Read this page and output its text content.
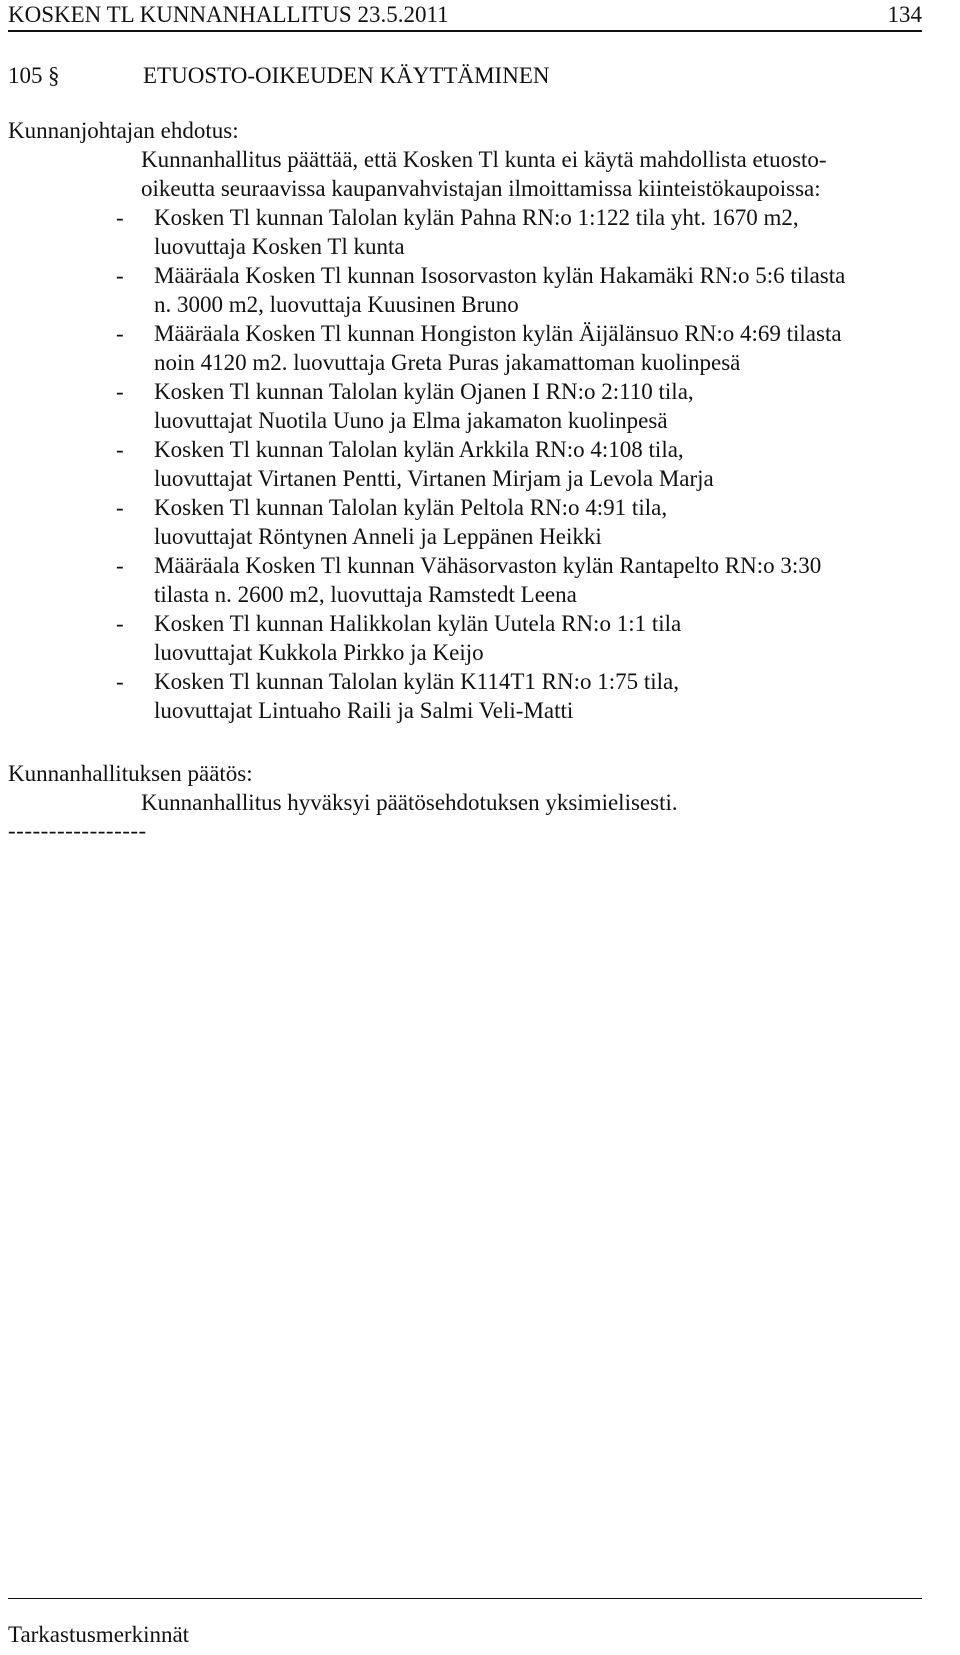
KOSKEN TL KUNNANHALLITUS 23.5.2011	134
105 §	ETUOSTO-OIKEUDEN KÄYTTÄMINEN
Kunnanjohtajan ehdotus:
Kunnanhallitus päättää, että Kosken Tl kunta ei käytä mahdollista etuosto-
oikeutta seuraavissa kaupanvahvistajan ilmoittamissa kiinteistökaupoissa:
-	Kosken Tl kunnan Talolan kylän Pahna RN:o 1:122 tila yht. 1670 m2,
luovuttaja Kosken Tl kunta
-	Määräala Kosken Tl kunnan Isosorvaston kylän Hakamäki RN:o 5:6 tilasta
n. 3000 m2, luovuttaja Kuusinen Bruno
-	Määräala Kosken Tl kunnan Hongiston kylän Äijälänsuo RN:o 4:69 tilasta
noin 4120 m2. luovuttaja Greta Puras jakamattoman kuolinpesä
-	Kosken Tl kunnan Talolan kylän Ojanen I RN:o 2:110 tila,
luovuttajat Nuotila Uuno ja Elma jakamaton kuolinpesä
-	Kosken Tl kunnan Talolan kylän Arkkila RN:o 4:108 tila,
luovuttajat Virtanen Pentti, Virtanen Mirjam ja Levola Marja
-	Kosken Tl kunnan Talolan kylän Peltola RN:o 4:91 tila,
luovuttajat Röntynen Anneli ja Leppänen Heikki
-	Määräala Kosken Tl kunnan Vähäsorvaston kylän Rantapelto RN:o 3:30
tilasta n. 2600 m2, luovuttaja Ramstedt Leena
-	Kosken Tl kunnan Halikkolan kylän Uutela RN:o 1:1 tila
luovuttajat Kukkola Pirkko ja Keijo
-	Kosken Tl kunnan Talolan kylän K114T1 RN:o 1:75 tila,
luovuttajat Lintuaho Raili ja Salmi Veli-Matti
Kunnanhallituksen päätös:
Kunnanhallitus hyväksyi päätösehdotuksen yksimielisesti.
-----------------
Tarkastusmerkinnät
